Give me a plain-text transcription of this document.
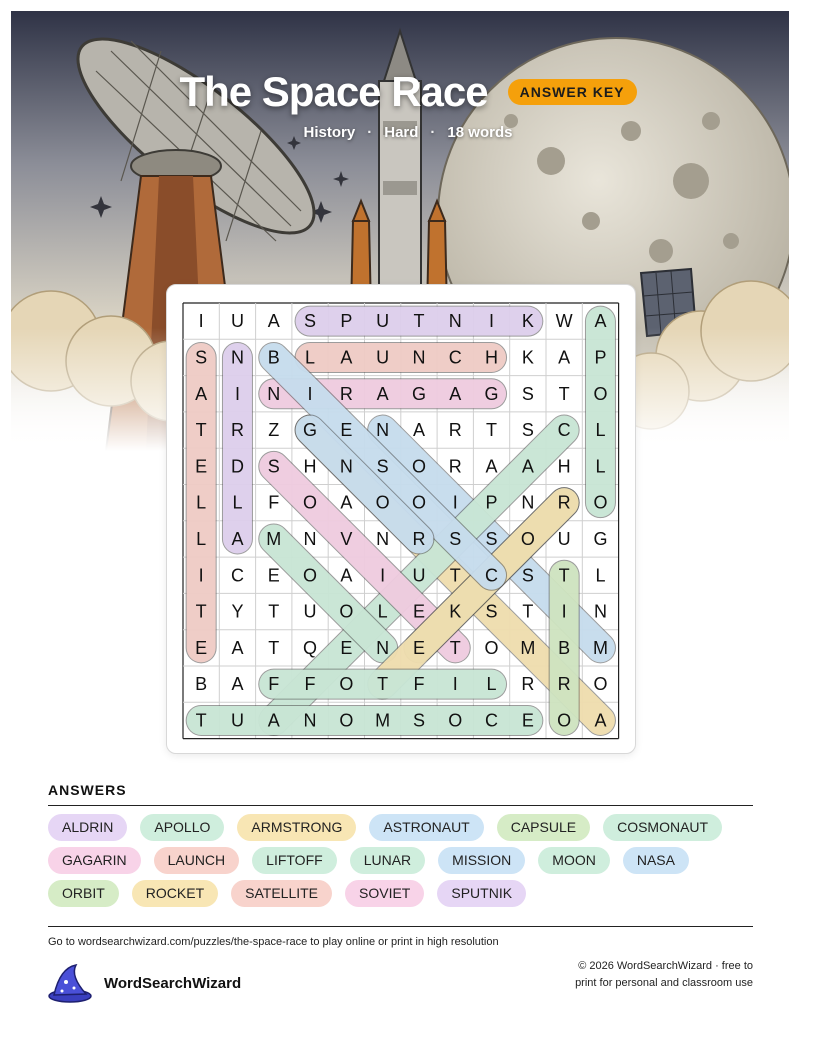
The Space Race	ANSWER KEY
History · Hard · 18 words
I U A S P U T N I K W A
S N B L A U N C H K A P
A I N I R A G A G S T O
T R Z G E N A R T S C L
E D S H N S O R A A H L
L L F O A O O I P N R O
L A M N V N R S S O U G
I C E O A I U T C S T L
T Y T U O L E K S T I N
E A T Q E N E T O M B M
B A F F O T F I L R R O
T U A N O M S O C E O A
ANSWERS
ALDRIN	APOLLO	ARMSTRONG	ASTRONAUT	CAPSULE	COSMONAUT
GAGARIN	LAUNCH	LIFTOFF	LUNAR	MISSION	MOON	NASA
ORBIT	ROCKET	SATELLITE	SOVIET	SPUTNIK
Go to wordsearchwizard.com/puzzles/the-space-race to play online or print in high resolution
WordSearchWizard
© 2026 WordSearchWizard · free to print for personal and classroom use
